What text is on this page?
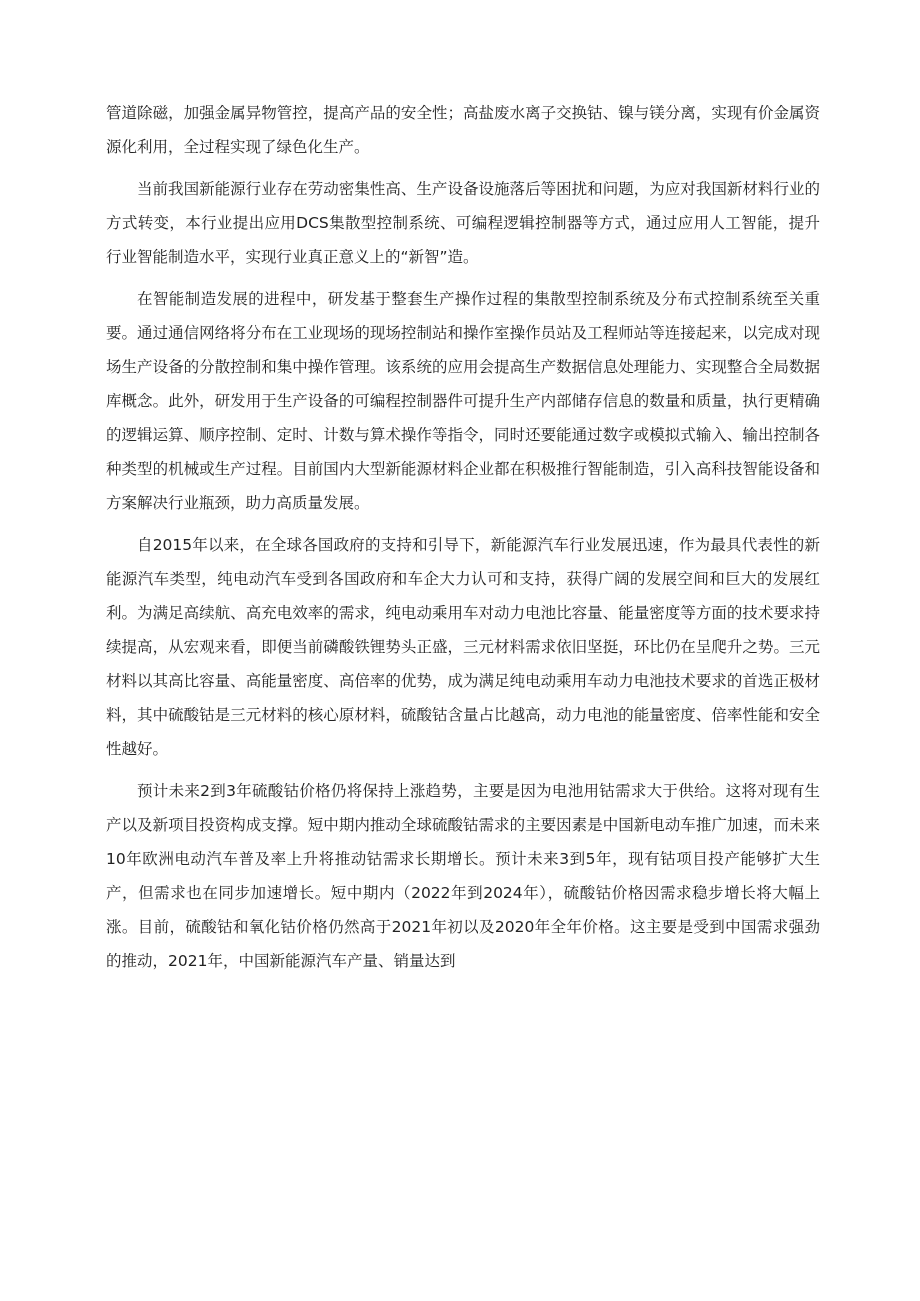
管道除磁，加强金属异物管控，提高产品的安全性；高盐废水离子交换钴、镍与镁分离，实现有价金属资源化利用，全过程实现了绿色化生产。

当前我国新能源行业存在劳动密集性高、生产设备设施落后等困扰和问题，为应对我国新材料行业的方式转变，本行业提出应用DCS集散型控制系统、可编程逻辑控制器等方式，通过应用人工智能，提升行业智能制造水平，实现行业真正意义上的“新智”造。

在智能制造发展的进程中，研发基于整套生产操作过程的集散型控制系统及分布式控制系统至关重要。通过通信网络将分布在工业现场的现场控制站和操作室操作员站及工程师站等连接起来，以完成对现场生产设备的分散控制和集中操作管理。该系统的应用会提高生产数据信息处理能力、实现整合全局数据库概念。此外，研发用于生产设备的可编程控制器件可提升生产内部储存信息的数量和质量，执行更精确的逻辑运算、顺序控制、定时、计数与算术操作等指令，同时还要能通过数字或模拟式输入、输出控制各种类型的机械或生产过程。目前国内大型新能源材料企业都在积极推行智能制造，引入高科技智能设备和方案解决行业瓶颈，助力高质量发展。

自2015年以来，在全球各国政府的支持和引导下，新能源汽车行业发展迅速，作为最具代表性的新能源汽车类型，纯电动汽车受到各国政府和车企大力认可和支持，获得广阔的发展空间和巨大的发展红利。为满足高续航、高充电效率的需求，纯电动乘用车对动力电池比容量、能量密度等方面的技术要求持续提高，从宏观来看，即便当前磷酸铁锂势头正盛，三元材料需求依旧坚挺，环比仍在呈爬升之势。三元材料以其高比容量、高能量密度、高倍率的优势，成为满足纯电动乘用车动力电池技术要求的首选正极材料，其中硫酸钴是三元材料的核心原材料，硫酸钴含量占比越高，动力电池的能量密度、倍率性能和安全性越好。

预计未来2到3年硫酸钴价格仍将保持上涨趋势，主要是因为电池用钴需求大于供给。这将对现有生产以及新项目投资构成支撑。短中期内推动全球硫酸钴需求的主要因素是中国新电动车推广加速，而未来10年欧洲电动汽车普及率上升将推动钴需求长期增长。预计未来3到5年，现有钴项目投产能够扩大生产，但需求也在同步加速增长。短中期内（2022年到2024年），硫酸钴价格因需求稳步增长将大幅上涨。目前，硫酸钴和氧化钴价格仍然高于2021年初以及2020年全年价格。这主要是受到中国需求强劲的推动，2021年，中国新能源汽车产量、销量达到
